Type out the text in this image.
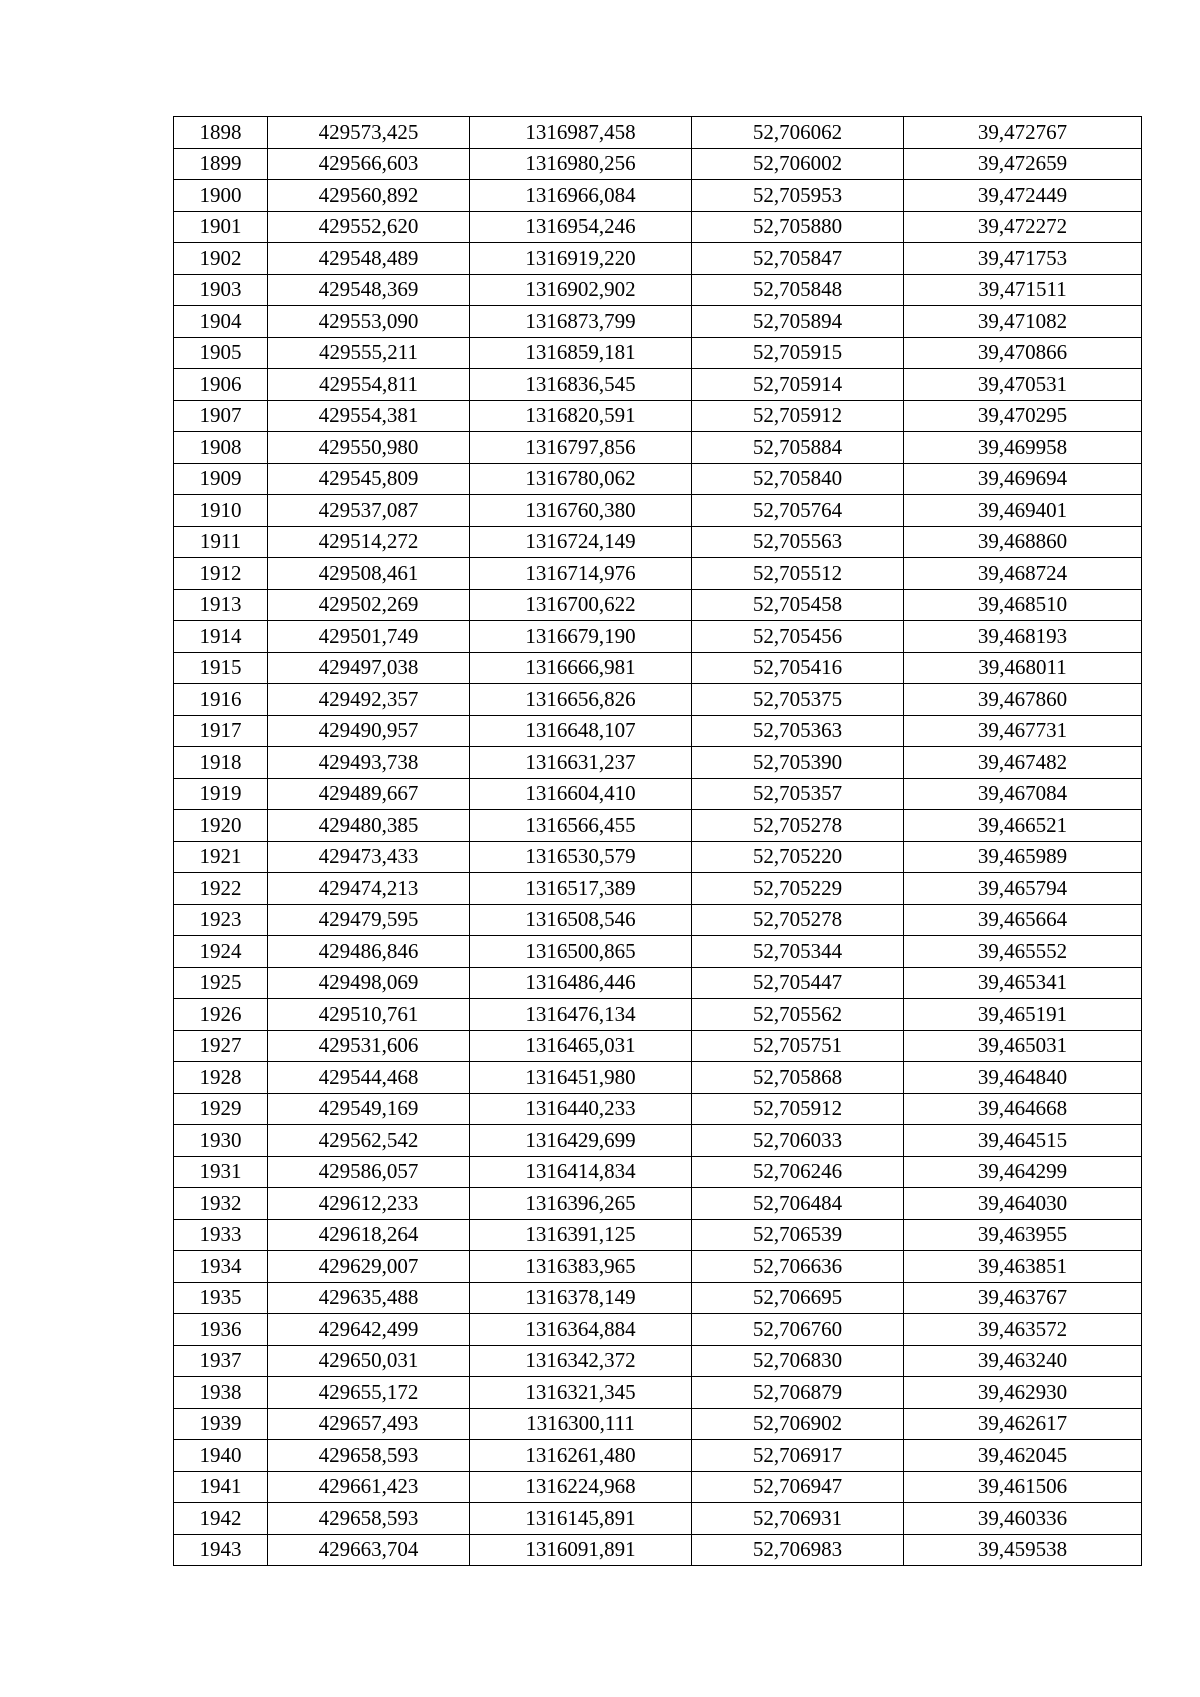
1898	429573,425	1316987,458	52,706062	39,472767
1899	429566,603	1316980,256	52,706002	39,472659
1900	429560,892	1316966,084	52,705953	39,472449
1901	429552,620	1316954,246	52,705880	39,472272
1902	429548,489	1316919,220	52,705847	39,471753
1903	429548,369	1316902,902	52,705848	39,471511
1904	429553,090	1316873,799	52,705894	39,471082
1905	429555,211	1316859,181	52,705915	39,470866
1906	429554,811	1316836,545	52,705914	39,470531
1907	429554,381	1316820,591	52,705912	39,470295
1908	429550,980	1316797,856	52,705884	39,469958
1909	429545,809	1316780,062	52,705840	39,469694
1910	429537,087	1316760,380	52,705764	39,469401
1911	429514,272	1316724,149	52,705563	39,468860
1912	429508,461	1316714,976	52,705512	39,468724
1913	429502,269	1316700,622	52,705458	39,468510
1914	429501,749	1316679,190	52,705456	39,468193
1915	429497,038	1316666,981	52,705416	39,468011
1916	429492,357	1316656,826	52,705375	39,467860
1917	429490,957	1316648,107	52,705363	39,467731
1918	429493,738	1316631,237	52,705390	39,467482
1919	429489,667	1316604,410	52,705357	39,467084
1920	429480,385	1316566,455	52,705278	39,466521
1921	429473,433	1316530,579	52,705220	39,465989
1922	429474,213	1316517,389	52,705229	39,465794
1923	429479,595	1316508,546	52,705278	39,465664
1924	429486,846	1316500,865	52,705344	39,465552
1925	429498,069	1316486,446	52,705447	39,465341
1926	429510,761	1316476,134	52,705562	39,465191
1927	429531,606	1316465,031	52,705751	39,465031
1928	429544,468	1316451,980	52,705868	39,464840
1929	429549,169	1316440,233	52,705912	39,464668
1930	429562,542	1316429,699	52,706033	39,464515
1931	429586,057	1316414,834	52,706246	39,464299
1932	429612,233	1316396,265	52,706484	39,464030
1933	429618,264	1316391,125	52,706539	39,463955
1934	429629,007	1316383,965	52,706636	39,463851
1935	429635,488	1316378,149	52,706695	39,463767
1936	429642,499	1316364,884	52,706760	39,463572
1937	429650,031	1316342,372	52,706830	39,463240
1938	429655,172	1316321,345	52,706879	39,462930
1939	429657,493	1316300,111	52,706902	39,462617
1940	429658,593	1316261,480	52,706917	39,462045
1941	429661,423	1316224,968	52,706947	39,461506
1942	429658,593	1316145,891	52,706931	39,460336
1943	429663,704	1316091,891	52,706983	39,459538
